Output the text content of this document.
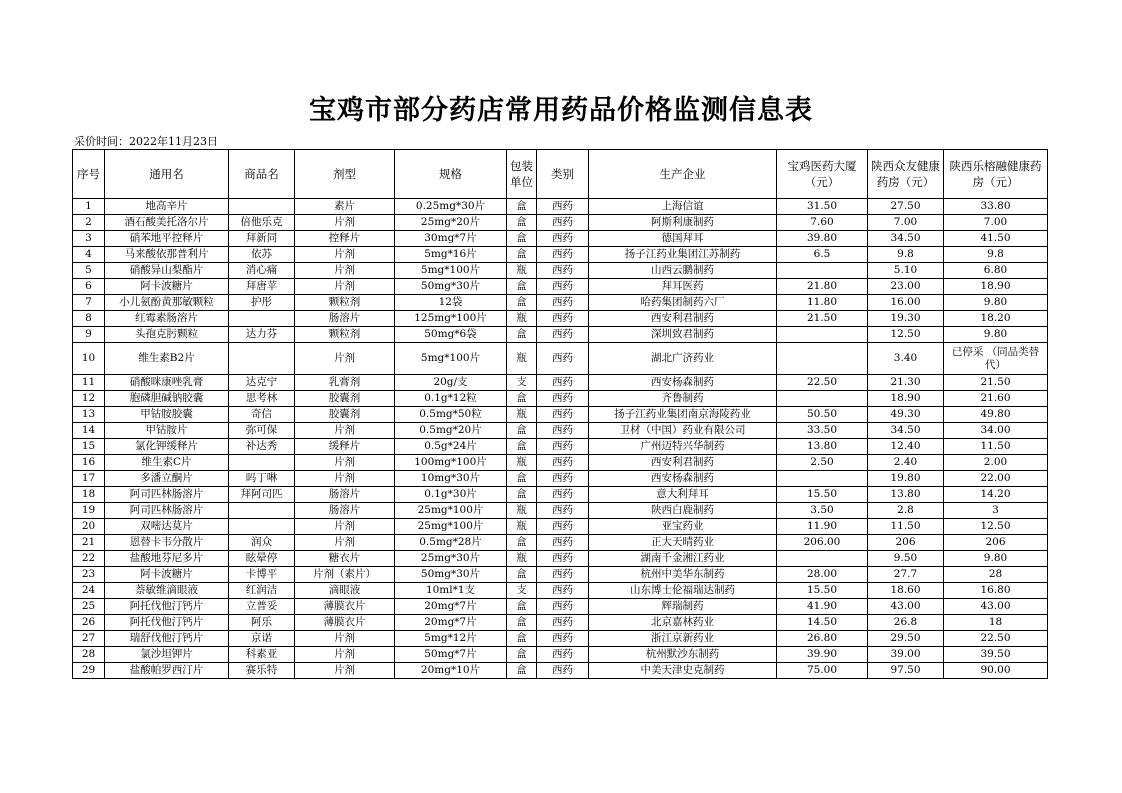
宝鸡市部分药店常用药品价格监测信息表
采价时间：2022年11月23日
序号	通用名	商品名	剂型	规格	包装单位	类别	生产企业	宝鸡医药大厦（元）	陕西众友健康药房（元）	陕西乐榕融健康药房（元）
1	地高辛片		素片	0.25mg*30片	盒	西药	上海信谊	31.50	27.50	33.80
2	酒石酸美托洛尔片	倍他乐克	片剂	25mg*20片	盒	西药	阿斯利康制药	7.60	7.00	7.00
3	硝苯地平控释片	拜新同	控释片	30mg*7片	盒	西药	德国拜耳	39.80	34.50	41.50
4	马来酸依那普利片	依苏	片剂	5mg*16片	盒	西药	扬子江药业集团江苏制药	6.5	9.8	9.8
5	硝酸异山梨酯片	消心痛	片剂	5mg*100片	瓶	西药	山西云鹏制药		5.10	6.80
6	阿卡波糖片	拜唐苹	片剂	50mg*30片	盒	西药	拜耳医药	21.80	23.00	18.90
7	小儿氨酚黄那敏颗粒	护彤	颗粒剂	12袋	盒	西药	哈药集团制药六厂	11.80	16.00	9.80
8	红霉素肠溶片		肠溶片	125mg*100片	瓶	西药	西安利君制药	21.50	19.30	18.20
9	头孢克肟颗粒	达力芬	颗粒剂	50mg*6袋	盒	西药	深圳致君制药		12.50	9.80
10	维生素B2片		片剂	5mg*100片	瓶	西药	湖北广济药业		3.40	已停采 （同品类替代）
11	硝酸咪康唑乳膏	达克宁	乳膏剂	20g/支	支	西药	西安杨森制药	22.50	21.30	21.50
12	胞磷胆碱钠胶囊	思考林	胶囊剂	0.1g*12粒	盒	西药	齐鲁制药		18.90	21.60
13	甲钴胺胶囊	奇信	胶囊剂	0.5mg*50粒	瓶	西药	扬子江药业集团南京海陵药业	50.50	49.30	49.80
14	甲钴胺片	弥可保	片剂	0.5mg*20片	盒	西药	卫材（中国）药业有限公司	33.50	34.50	34.00
15	氯化钾缓释片	补达秀	缓释片	0.5g*24片	盒	西药	广州迈特兴华制药	13.80	12.40	11.50
16	维生素C片		片剂	100mg*100片	瓶	西药	西安利君制药	2.50	2.40	2.00
17	多潘立酮片	吗丁啉	片剂	10mg*30片	盒	西药	西安杨森制药		19.80	22.00
18	阿司匹林肠溶片	拜阿司匹	肠溶片	0.1g*30片	盒	西药	意大利拜耳	15.50	13.80	14.20
19	阿司匹林肠溶片		肠溶片	25mg*100片	瓶	西药	陕西白鹿制药	3.50	2.8	3
20	双嘧达莫片		片剂	25mg*100片	瓶	西药	亚宝药业	11.90	11.50	12.50
21	恩替卡韦分散片	润众	片剂	0.5mg*28片	盒	西药	正大天晴药业	206.00	206	206
22	盐酸地芬尼多片	眩晕停	糖衣片	25mg*30片	瓶	西药	湖南千金湘江药业		9.50	9.80
23	阿卡波糖片	卡博平	片剂（素片）	50mg*30片	盒	西药	杭州中美华东制药	28.00	27.7	28
24	萘敏维滴眼液	红润洁	滴眼液	10ml*1支	支	西药	山东博士伦福瑞达制药	15.50	18.60	16.80
25	阿托伐他汀钙片	立普妥	薄膜衣片	20mg*7片	盒	西药	辉瑞制药	41.90	43.00	43.00
26	阿托伐他汀钙片	阿乐	薄膜衣片	20mg*7片	盒	西药	北京嘉林药业	14.50	26.8	18
27	瑞舒伐他汀钙片	京诺	片剂	5mg*12片	盒	西药	浙江京新药业	26.80	29.50	22.50
28	氯沙坦钾片	科素亚	片剂	50mg*7片	盒	西药	杭州默沙东制药	39.90	39.00	39.50
29	盐酸帕罗西汀片	赛乐特	片剂	20mg*10片	盒	西药	中美天津史克制药	75.00	97.50	90.00
